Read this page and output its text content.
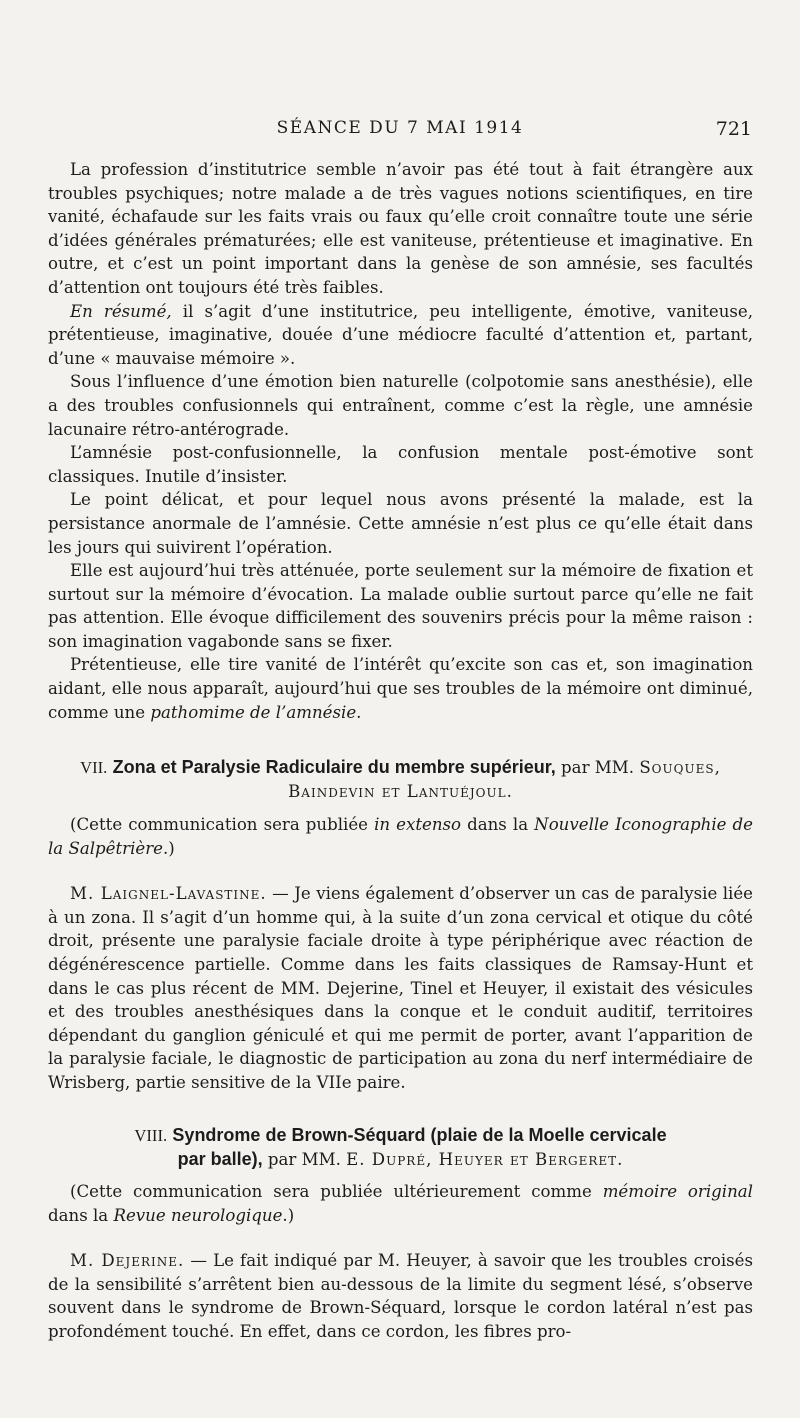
SÉANCE DU 7 MAI 1914	721

La profession d’institutrice semble n’avoir pas été tout à fait étrangère aux troubles psychiques; notre malade a de très vagues notions scientifiques, en tire vanité, échafaude sur les faits vrais ou faux qu’elle croit connaître toute une série d’idées générales prématurées; elle est vaniteuse, prétentieuse et imaginative. En outre, et c’est un point important dans la genèse de son amnésie, ses facultés d’attention ont toujours été très faibles.

En résumé, il s’agit d’une institutrice, peu intelligente, émotive, vaniteuse, prétentieuse, imaginative, douée d’une médiocre faculté d’attention et, partant, d’une « mauvaise mémoire ».

Sous l’influence d’une émotion bien naturelle (colpotomie sans anesthésie), elle a des troubles confusionnels qui entraînent, comme c’est la règle, une amnésie lacunaire rétro-antérograde.

L’amnésie post-confusionnelle, la confusion mentale post-émotive sont classiques. Inutile d’insister.

Le point délicat, et pour lequel nous avons présenté la malade, est la persistance anormale de l’amnésie. Cette amnésie n’est plus ce qu’elle était dans les jours qui suivirent l’opération.

Elle est aujourd’hui très atténuée, porte seulement sur la mémoire de fixation et surtout sur la mémoire d’évocation. La malade oublie surtout parce qu’elle ne fait pas attention. Elle évoque difficilement des souvenirs précis pour la même raison : son imagination vagabonde sans se fixer.

Prétentieuse, elle tire vanité de l’intérêt qu’excite son cas et, son imagination aidant, elle nous apparaît, aujourd’hui que ses troubles de la mémoire ont diminué, comme une pathomime de l’amnésie.

VII. Zona et Paralysie Radiculaire du membre supérieur, par MM. Souques, Baindevin et Lantuéjoul.

(Cette communication sera publiée in extenso dans la Nouvelle Iconographie de la Salpêtrière.)

M. Laignel-Lavastine. — Je viens également d’observer un cas de paralysie liée à un zona. Il s’agit d’un homme qui, à la suite d’un zona cervical et otique du côté droit, présente une paralysie faciale droite à type périphérique avec réaction de dégénérescence partielle. Comme dans les faits classiques de Ramsay-Hunt et dans le cas plus récent de MM. Dejerine, Tinel et Heuyer, il existait des vésicules et des troubles anesthésiques dans la conque et le conduit auditif, territoires dépendant du ganglion géniculé et qui me permit de porter, avant l’apparition de la paralysie faciale, le diagnostic de participation au zona du nerf intermédiaire de Wrisberg, partie sensitive de la VIIe paire.

VIII. Syndrome de Brown-Séquard (plaie de la Moelle cervicale
par balle), par MM. E. Dupré, Heuyer et Bergeret.

(Cette communication sera publiée ultérieurement comme mémoire original dans la Revue neurologique.)

M. Dejerine. — Le fait indiqué par M. Heuyer, à savoir que les troubles croisés de la sensibilité s’arrêtent bien au-dessous de la limite du segment lésé, s’observe souvent dans le syndrome de Brown-Séquard, lorsque le cordon latéral n’est pas profondément touché. En effet, dans ce cordon, les fibres pro-
